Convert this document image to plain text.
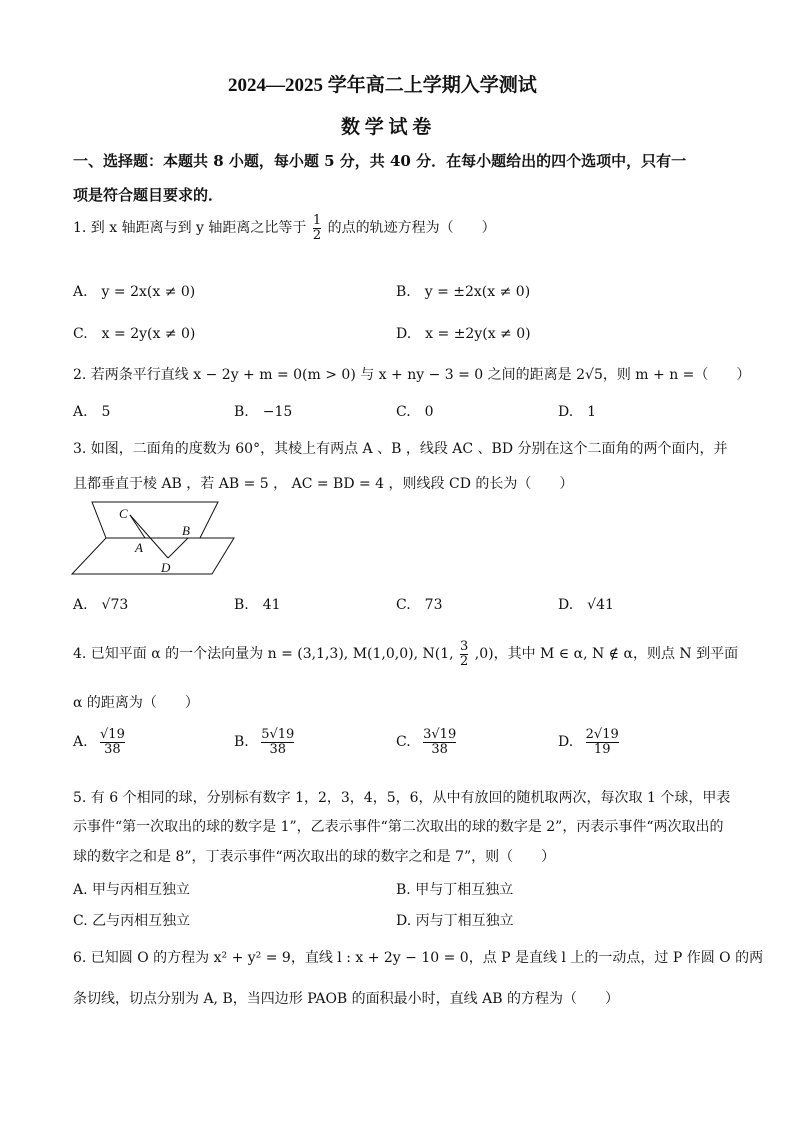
2024—2025 学年高二上学期入学测试
数 学 试 卷
一、选择题：本题共 8 小题，每小题 5 分，共 40 分．在每小题给出的四个选项中，只有一
项是符合题目要求的．
1. 到 x 轴距离与到 y 轴距离之比等于 $\frac{1}{2}$ 的点的轨迹方程为（　　）
A.　y = 2x(x ≠ 0)	B.　y = ±2x(x ≠ 0)
C.　x = 2y(x ≠ 0)	D.　x = ±2y(x ≠ 0)
2. 若两条平行直线 x − 2y + m = 0(m > 0) 与 x + ny − 3 = 0 之间的距离是 2√5，则 m + n =（　　）
A.　5	B.　−15	C.　0	D.　1
3. 如图，二面角的度数为 60°，其棱上有两点 A 、B ，线段 AC 、BD 分别在这个二面角的两个面内，并
且都垂直于棱 AB ，若 AB = 5 ， AC = BD = 4 ，则线段 CD 的长为（　　）
C
A
B
D
A.　√73	B.　41	C.　73	D.　√41
4. 已知平面 α 的一个法向量为 n = (3,1,3), M(1,0,0), N(1, $\frac{3}{2} ,0$)，其中 M ∈ α, N ∉ α，则点 N 到平面
α 的距离为（　　）
A. $\frac{√19}{38}$	B. $\frac{5√19}{38}$	C. $\frac{3√19}{38}$	D. $\frac{2√19}{19}$
5. 有 6 个相同的球，分别标有数字 1，2，3，4，5，6，从中有放回的随机取两次，每次取 1 个球，甲表
示事件“第一次取出的球的数字是 1”，乙表示事件“第二次取出的球的数字是 2”，丙表示事件“两次取出的
球的数字之和是 8”，丁表示事件“两次取出的球的数字之和是 7”，则（　　）
A. 甲与丙相互独立	B. 甲与丁相互独立
C. 乙与丙相互独立	D. 丙与丁相互独立
6. 已知圆 O 的方程为 x² + y² = 9，直线 l : x + 2y − 10 = 0，点 P 是直线 l 上的一动点，过 P 作圆 O 的两
条切线，切点分别为 A, B，当四边形 PAOB 的面积最小时，直线 AB 的方程为（　　）
